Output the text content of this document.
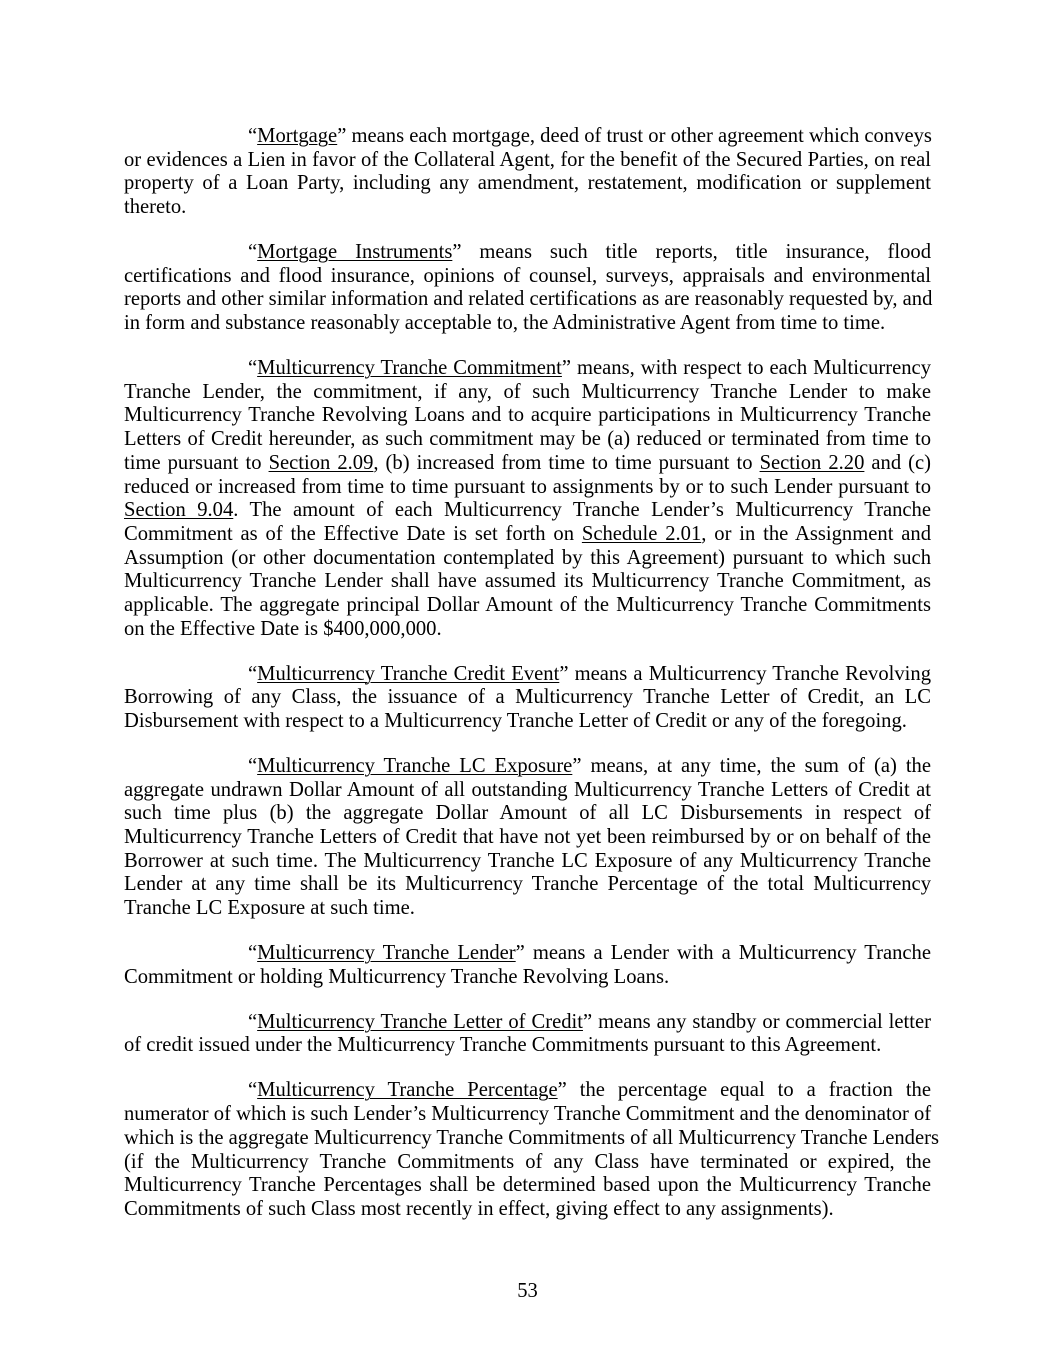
“Mortgage” means each mortgage, deed of trust or other agreement which conveys
or evidences a Lien in favor of the Collateral Agent, for the benefit of the Secured Parties, on real
property of a Loan Party, including any amendment, restatement, modification or supplement
thereto.
“Mortgage Instruments” means such title reports, title insurance, flood
certifications and flood insurance, opinions of counsel, surveys, appraisals and environmental
reports and other similar information and related certifications as are reasonably requested by, and
in form and substance reasonably acceptable to, the Administrative Agent from time to time.
“Multicurrency Tranche Commitment” means, with respect to each Multicurrency
Tranche Lender, the commitment, if any, of such Multicurrency Tranche Lender to make
Multicurrency Tranche Revolving Loans and to acquire participations in Multicurrency Tranche
Letters of Credit hereunder, as such commitment may be (a) reduced or terminated from time to
time pursuant to Section 2.09, (b) increased from time to time pursuant to Section 2.20 and (c)
reduced or increased from time to time pursuant to assignments by or to such Lender pursuant to
Section 9.04. The amount of each Multicurrency Tranche Lender’s Multicurrency Tranche
Commitment as of the Effective Date is set forth on Schedule 2.01, or in the Assignment and
Assumption (or other documentation contemplated by this Agreement) pursuant to which such
Multicurrency Tranche Lender shall have assumed its Multicurrency Tranche Commitment, as
applicable. The aggregate principal Dollar Amount of the Multicurrency Tranche Commitments
on the Effective Date is $400,000,000.
“Multicurrency Tranche Credit Event” means a Multicurrency Tranche Revolving
Borrowing of any Class, the issuance of a Multicurrency Tranche Letter of Credit, an LC
Disbursement with respect to a Multicurrency Tranche Letter of Credit or any of the foregoing.
“Multicurrency Tranche LC Exposure” means, at any time, the sum of (a) the
aggregate undrawn Dollar Amount of all outstanding Multicurrency Tranche Letters of Credit at
such time plus (b) the aggregate Dollar Amount of all LC Disbursements in respect of
Multicurrency Tranche Letters of Credit that have not yet been reimbursed by or on behalf of the
Borrower at such time. The Multicurrency Tranche LC Exposure of any Multicurrency Tranche
Lender at any time shall be its Multicurrency Tranche Percentage of the total Multicurrency
Tranche LC Exposure at such time.
“Multicurrency Tranche Lender” means a Lender with a Multicurrency Tranche
Commitment or holding Multicurrency Tranche Revolving Loans.
“Multicurrency Tranche Letter of Credit” means any standby or commercial letter
of credit issued under the Multicurrency Tranche Commitments pursuant to this Agreement.
“Multicurrency Tranche Percentage” the percentage equal to a fraction the
numerator of which is such Lender’s Multicurrency Tranche Commitment and the denominator of
which is the aggregate Multicurrency Tranche Commitments of all Multicurrency Tranche Lenders
(if the Multicurrency Tranche Commitments of any Class have terminated or expired, the
Multicurrency Tranche Percentages shall be determined based upon the Multicurrency Tranche
Commitments of such Class most recently in effect, giving effect to any assignments).
53
